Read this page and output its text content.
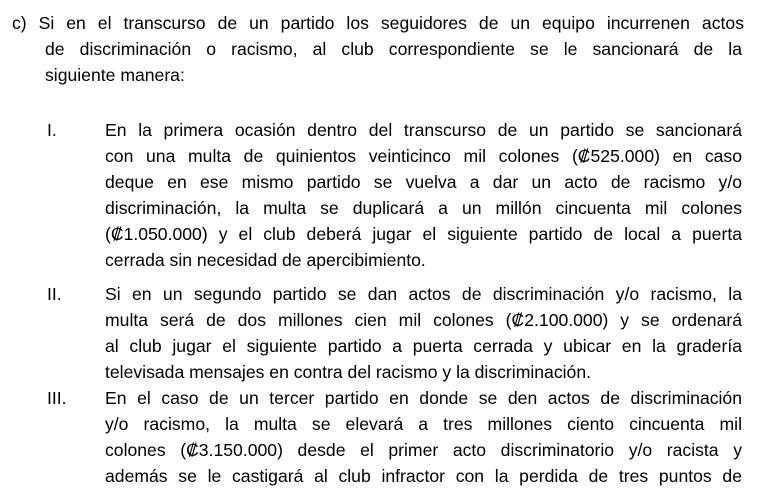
c) Si en el transcurso de un partido los seguidores de un equipo incurrenen actos
de discriminación o racismo, al club correspondiente se le sancionará de la
siguiente manera:
I.	En la primera ocasión dentro del transcurso de un partido se sancionará
con una multa de quinientos veinticinco mil colones (₡525.000) en caso
deque en ese mismo partido se vuelva a dar un acto de racismo y/o
discriminación, la multa se duplicará a un millón cincuenta mil colones
(₡1.050.000) y el club deberá jugar el siguiente partido de local a puerta
cerrada sin necesidad de apercibimiento.
II.	Si en un segundo partido se dan actos de discriminación y/o racismo, la
multa será de dos millones cien mil colones (₡2.100.000) y se ordenará
al club jugar el siguiente partido a puerta cerrada y ubicar en la gradería
televisada mensajes en contra del racismo y la discriminación.
III.	En el caso de un tercer partido en donde se den actos de discriminación
y/o racismo, la multa se elevará a tres millones ciento cincuenta mil
colones (₡3.150.000) desde el primer acto discriminatorio y/o racista y
además se le castigará al club infractor con la perdida de tres puntos de
